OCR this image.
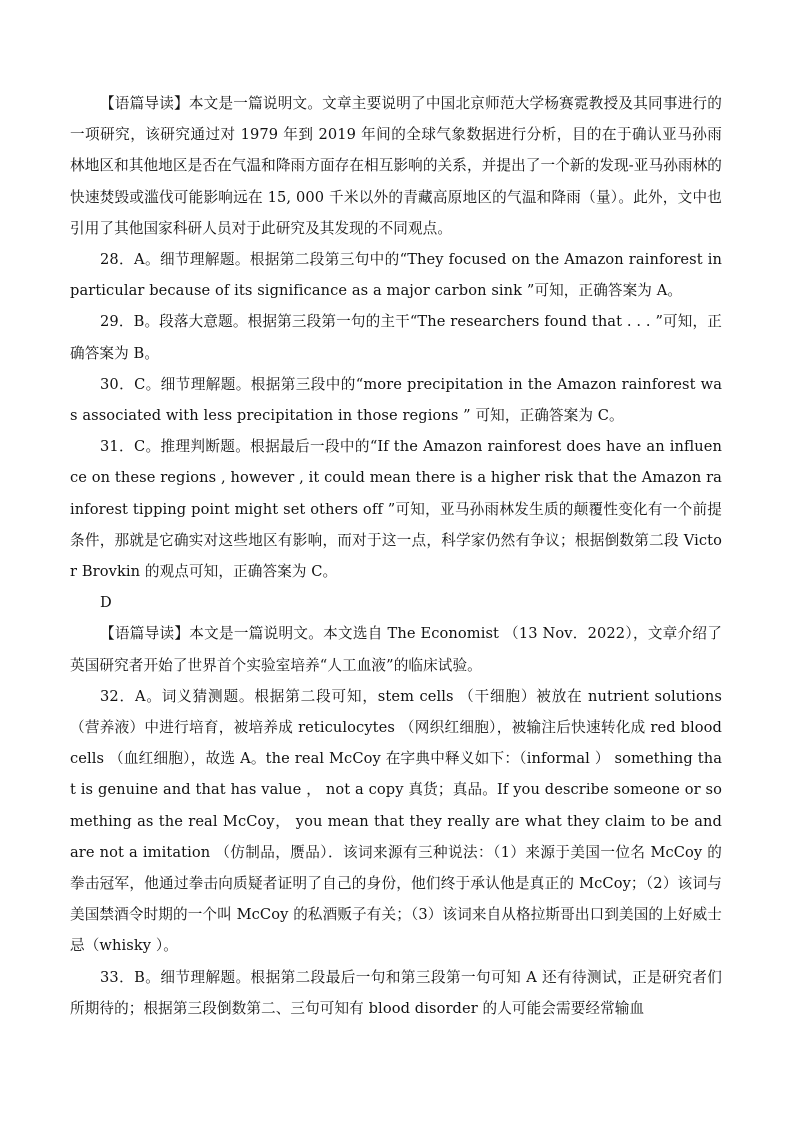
【语篇导读】本文是一篇说明文。文章主要说明了中国北京师范大学杨赛霓教授及其同事进行的一项研究，该研究通过对 1979 年到 2019 年间的全球气象数据进行分析，目的在于确认亚马孙雨林地区和其他地区是否在气温和降雨方面存在相互影响的关系，并提出了一个新的发现-亚马孙雨林的快速焚毁或滥伐可能影响远在 15, 000 千米以外的青藏高原地区的气温和降雨（量）。此外，文中也引用了其他国家科研人员对于此研究及其发现的不同观点。

28．A。细节理解题。根据第二段第三句中的“They focused on the Amazon rainforest in particular because of its significance as a major carbon sink ”可知，正确答案为 A。

29．B。段落大意题。根据第三段第一句的主干“The researchers found that . . . ”可知，正确答案为 B。

30．C。细节理解题。根据第三段中的“more precipitation in the Amazon rainforest was associated with less precipitation in those regions ” 可知，正确答案为 C。

31．C。推理判断题。根据最后一段中的“If the Amazon rainforest does have an influence on these regions , however , it could mean there is a higher risk that the Amazon rainforest tipping point might set others off ”可知，亚马孙雨林发生质的颠覆性变化有一个前提条件，那就是它确实对这些地区有影响，而对于这一点，科学家仍然有争议；根据倒数第二段 Victor Brovkin 的观点可知，正确答案为 C。

D

【语篇导读】本文是一篇说明文。本文选自 The Economist （13 Nov．2022），文章介绍了英国研究者开始了世界首个实验室培养“人工血液”的临床试验。

32．A。词义猜测题。根据第二段可知，stem cells （干细胞）被放在 nutrient solutions （营养液）中进行培育，被培养成 reticulocytes （网织红细胞），被输注后快速转化成 red blood cells （血红细胞），故选 A。the real McCoy 在字典中释义如下：（informal ） something that is genuine and that has value ， not a copy 真货；真品。If you describe someone or something as the real McCoy， you mean that they really are what they claim to be and are not a imitation （仿制品，赝品）．该词来源有三种说法：（1）来源于美国一位名 McCoy 的拳击冠军，他通过拳击向质疑者证明了自己的身份，他们终于承认他是真正的 McCoy；（2）该词与美国禁酒令时期的一个叫 McCoy 的私酒贩子有关；（3）该词来自从格拉斯哥出口到美国的上好威士忌（whisky ）。

33．B。细节理解题。根据第二段最后一句和第三段第一句可知 A 还有待测试，正是研究者们所期待的；根据第三段倒数第二、三句可知有 blood disorder 的人可能会需要经常输血
